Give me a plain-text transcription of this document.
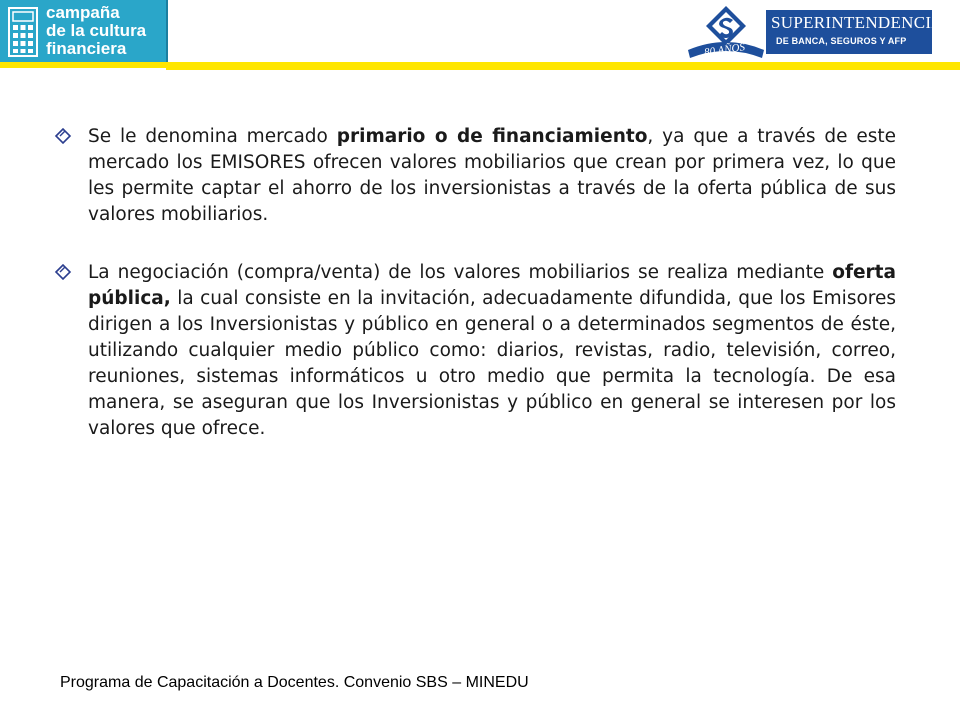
campaña
de la cultura
financiera	80 AÑOS
SUPERINTENDENCIA
DE BANCA, SEGUROS Y AFP

Se le denomina mercado primario o de financiamiento, ya que a través de este mercado los EMISORES ofrecen valores mobiliarios que crean por primera vez, lo que les permite captar el ahorro de los inversionistas a través de la oferta pública de sus valores mobiliarios.

La negociación (compra/venta) de los valores mobiliarios se realiza mediante oferta pública, la cual consiste en la invitación, adecuadamente difundida, que los Emisores dirigen a los Inversionistas y público en general o a determinados segmentos de éste, utilizando cualquier medio público como: diarios, revistas, radio, televisión, correo, reuniones, sistemas informáticos u otro medio que permita la tecnología. De esa manera, se aseguran que los Inversionistas y público en general se interesen por los valores que ofrece.

Programa de Capacitación a Docentes. Convenio SBS – MINEDU
